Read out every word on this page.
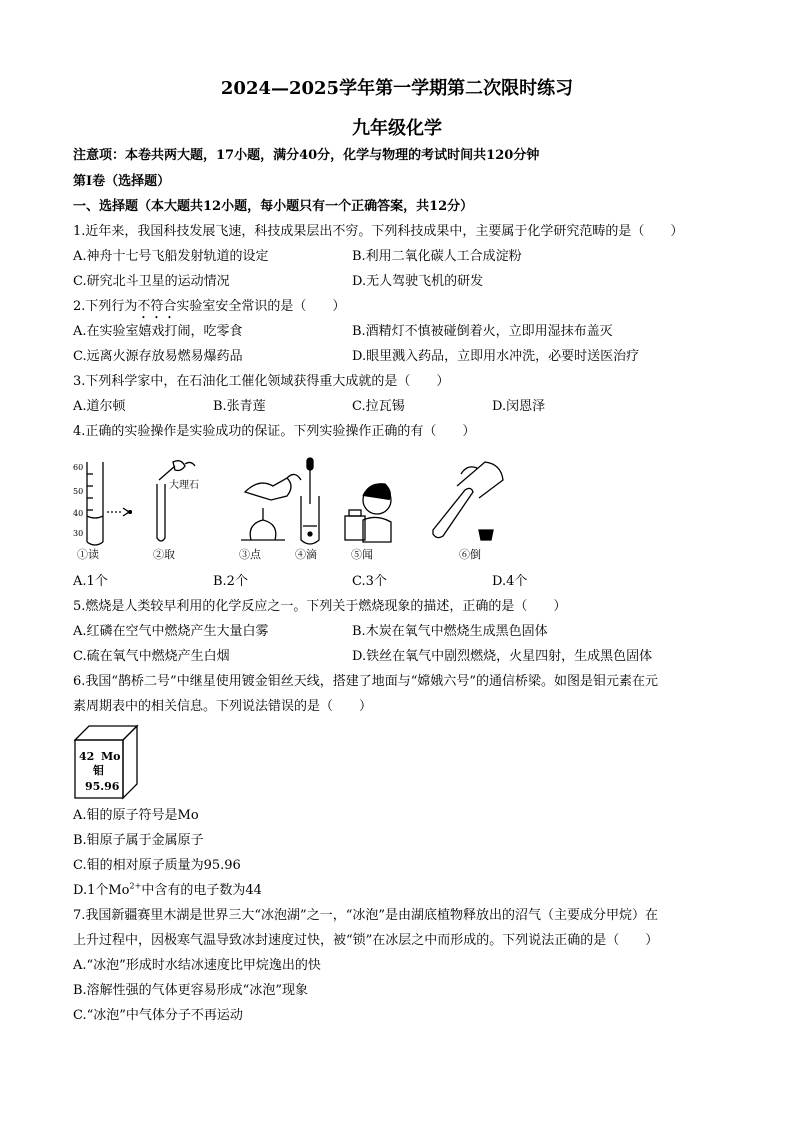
2024—2025学年第一学期第二次限时练习
九年级化学
注意项：本卷共两大题，17小题，满分40分，化学与物理的考试时间共120分钟
第Ⅰ卷（选择题）
一、选择题（本大题共12小题，每小题只有一个正确答案，共12分）
1.近年来，我国科技发展飞速，科技成果层出不穷。下列科技成果中，主要属于化学研究范畴的是（　　）
A.神舟十七号飞船发射轨道的设定	B.利用二氧化碳人工合成淀粉
C.研究北斗卫星的运动情况	D.无人驾驶飞机的研发
2.下列行为不符合实验室安全常识的是（　　）
A.在实验室嬉戏打闹，吃零食	B.酒精灯不慎被碰倒着火，立即用湿抹布盖灭
C.远离火源存放易燃易爆药品	D.眼里溅入药品，立即用水冲洗，必要时送医治疗
3.下列科学家中，在石油化工催化领域获得重大成就的是（　　）
A.道尔顿	B.张青莲	C.拉瓦锡	D.闵恩泽
4.正确的实验操作是实验成功的保证。下列实验操作正确的有（　　）
60
50
40
30
大理石
①读	②取	③点	④滴	⑤闻	⑥倒
A.1个	B.2个	C.3个	D.4个
5.燃烧是人类较早利用的化学反应之一。下列关于燃烧现象的描述，正确的是（　　）
A.红磷在空气中燃烧产生大量白雾	B.木炭在氧气中燃烧生成黑色固体
C.硫在氧气中燃烧产生白烟	D.铁丝在氧气中剧烈燃烧，火星四射，生成黑色固体
6.我国“鹊桥二号”中继星使用镀金钼丝天线，搭建了地面与“嫦娥六号”的通信桥梁。如图是钼元素在元
素周期表中的相关信息。下列说法错误的是（　　）
42 Mo
钼
95.96
A.钼的原子符号是Mo
B.钼原子属于金属原子
C.钼的相对原子质量为95.96
D.1个$Mo^{2+}$中含有的电子数为44
7.我国新疆赛里木湖是世界三大“冰泡湖”之一，“冰泡”是由湖底植物释放出的沼气（主要成分甲烷）在
上升过程中，因极寒气温导致冰封速度过快，被“锁”在冰层之中而形成的。下列说法正确的是（　　）
A.“冰泡”形成时水结冰速度比甲烷逸出的快
B.溶解性强的气体更容易形成“冰泡”现象
C.“冰泡”中气体分子不再运动
